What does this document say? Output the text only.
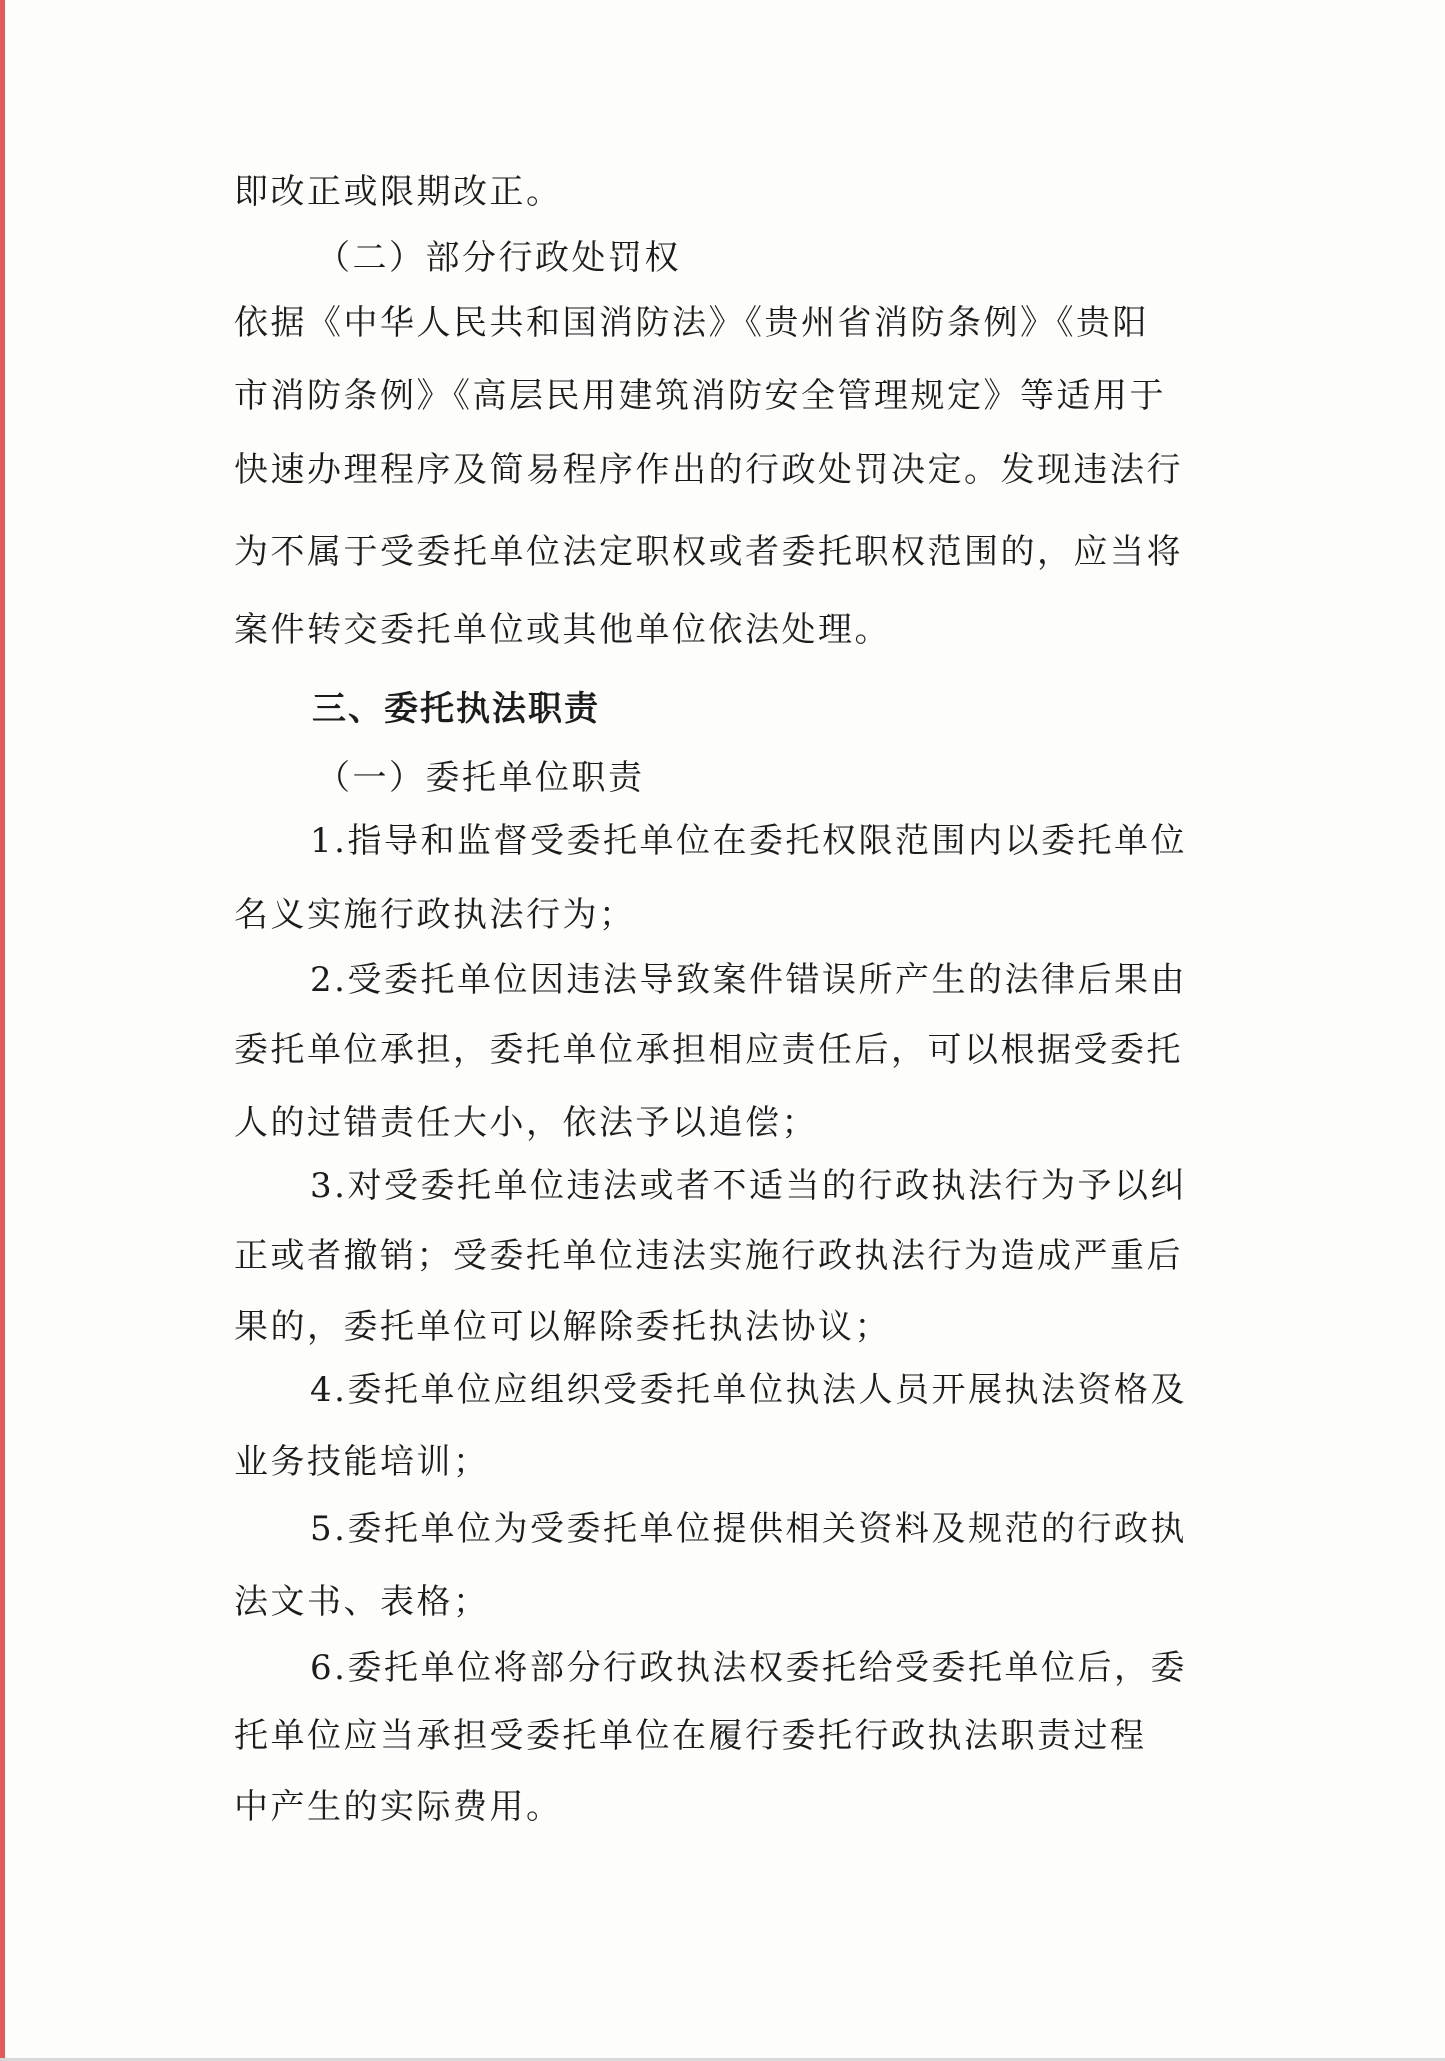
即改正或限期改正。
（二）部分行政处罚权
依据《中华人民共和国消防法》《贵州省消防条例》《贵阳
市消防条例》《高层民用建筑消防安全管理规定》等适用于
快速办理程序及简易程序作出的行政处罚决定。发现违法行
为不属于受委托单位法定职权或者委托职权范围的，应当将
案件转交委托单位或其他单位依法处理。
三、委托执法职责
（一）委托单位职责
1.指导和监督受委托单位在委托权限范围内以委托单位
名义实施行政执法行为；
2.受委托单位因违法导致案件错误所产生的法律后果由
委托单位承担，委托单位承担相应责任后，可以根据受委托
人的过错责任大小，依法予以追偿；
3.对受委托单位违法或者不适当的行政执法行为予以纠
正或者撤销；受委托单位违法实施行政执法行为造成严重后
果的，委托单位可以解除委托执法协议；
4.委托单位应组织受委托单位执法人员开展执法资格及
业务技能培训；
5.委托单位为受委托单位提供相关资料及规范的行政执
法文书、表格；
6.委托单位将部分行政执法权委托给受委托单位后，委
托单位应当承担受委托单位在履行委托行政执法职责过程
中产生的实际费用。
